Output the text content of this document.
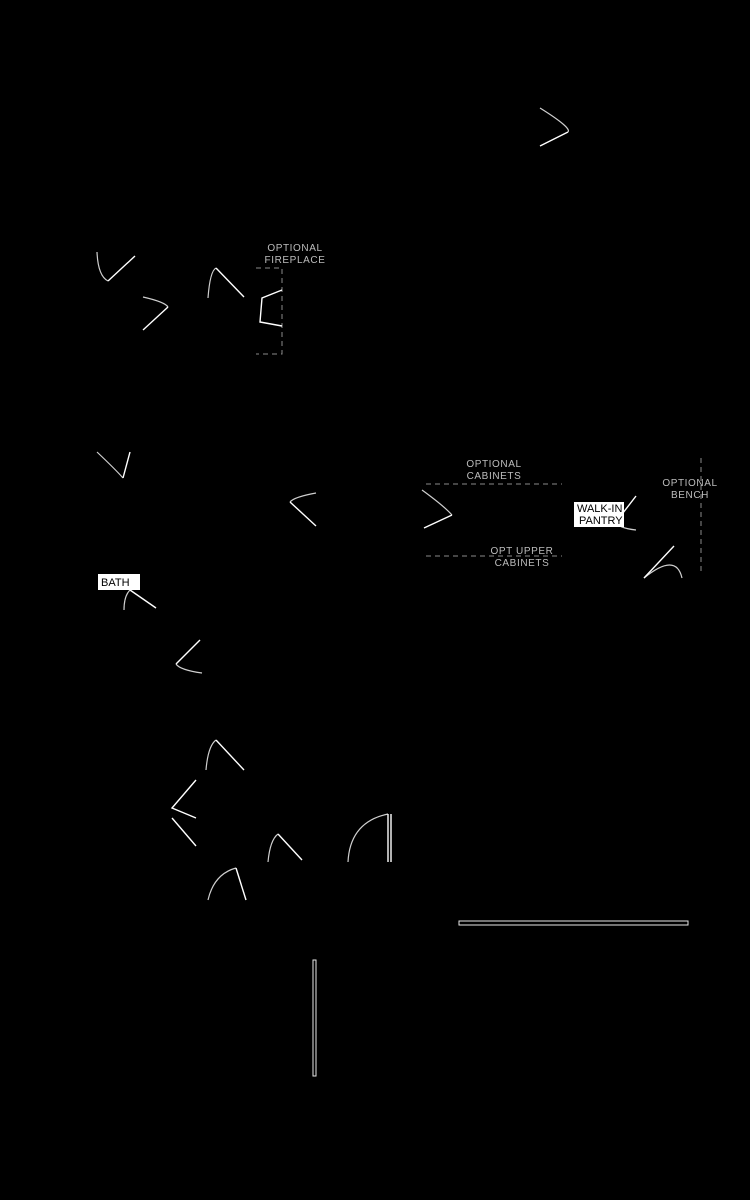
OPTIONAL
FIREPLACE
OPTIONAL
CABINETS
OPTIONAL
BENCH
OPT UPPER
CABINETS
WALK-IN
PANTRY
BATH
